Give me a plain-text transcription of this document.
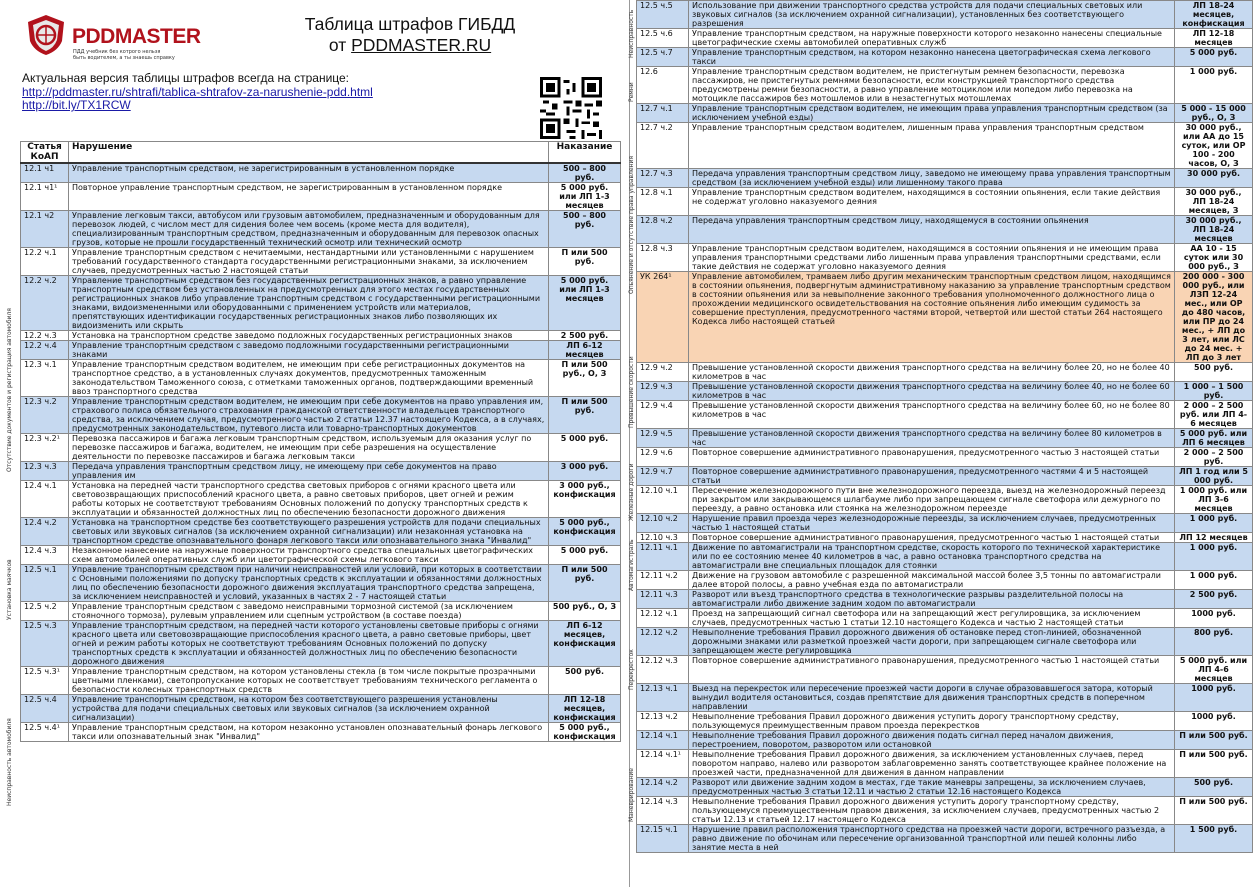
PDDMASTER
ПДД учебник без котрого нельзя
быть водителем, а ты знаешь справку
Таблица штрафов ГИБДД
от PDDMASTER.RU
Актуальная версия таблицы штрафов всегда на странице:
http://pddmaster.ru/shtrafi/tablica-shtrafov-za-narushenie-pdd.html
http://bit.ly/TX1RCW
Статья КоАП	Нарушение	Наказание
12.1 ч1	Управление транспортным средством, не зарегистрированным в установленном порядке	500 – 800 руб.
12.1 ч1¹	Повторное управление транспортным средством, не зарегистрированным в установленном порядке	5 000 руб. или ЛП 1-3 месяцев
12.1 ч2	Управление легковым такси, автобусом или грузовым автомобилем, предназначенным и оборудованным для перевозок людей, с числом мест для сидения более чем восемь (кроме места для водителя), специализированным транспортным средством, предназначенным и оборудованным для перевозок опасных грузов, которые не прошли государственный технический осмотр или технический осмотр	500 – 800 руб.
12.2 ч.1	Управление транспортным средством с нечитаемыми, нестандартными или установленными с нарушением требований государственного стандарта государственными регистрационными знаками, за исключением случаев, предусмотренных частью 2 настоящей статьи	П или 500 руб.
12.2 ч.2	Управление транспортным средством без государственных регистрационных знаков, а равно управление транспортным средством без установленных на предусмотренных для этого местах государственных регистрационных знаков либо управление транспортным средством с государственными регистрационными знаками, видоизмененными или оборудованными с применением устройств или материалов, препятствующих идентификации государственных регистрационных знаков либо позволяющих их видоизменить или скрыть	5 000 руб. или ЛП 1-3 месяцев
12.2 ч.3	Установка на транспортном средстве заведомо подложных государственных регистрационных знаков	2 500 руб.
12.2 ч.4	Управление транспортным средством с заведомо подложными государственными регистрационными знаками	ЛП 6-12 месяцев
12.3 ч.1	Управление транспортным средством водителем, не имеющим при себе регистрационных документов на транспортное средство, а в установленных случаях документов, предусмотренных таможенным законодательством Таможенного союза, с отметками таможенных органов, подтверждающими временный ввоз транспортного средства	П или 500 руб., О, З
12.3 ч.2	Управление транспортным средством водителем, не имеющим при себе документов на право управления им, страхового полиса обязательного страхования гражданской ответственности владельцев транспортного средства, за исключением случая, предусмотренного частью 2 статьи 12.37 настоящего Кодекса, а в случаях, предусмотренных законодательством, путевого листа или товарно-транспортных документов	П или 500 руб.
12.3 ч.2¹	Перевозка пассажиров и багажа легковым транспортным средством, используемым для оказания услуг по перевозке пассажиров и багажа, водителем, не имеющим при себе разрешения на осуществление деятельности по перевозке пассажиров и багажа легковым такси	5 000 руб.
12.3 ч.3	Передача управления транспортным средством лицу, не имеющему при себе документов на право управления им	3 000 руб.
12.4 ч.1	Установка на передней части транспортного средства световых приборов с огнями красного цвета или световозвращающих приспособлений красного цвета, а равно световых приборов, цвет огней и режим работы которых не соответствуют требованиям Основных положений по допуску транспортных средств к эксплуатации и обязанностей должностных лиц по обеспечению безопасности дорожного движения	3 000 руб., конфискация
12.4 ч.2	Установка на транспортном средстве без соответствующего разрешения устройств для подачи специальных световых или звуковых сигналов (за исключением охранной сигнализации) или незаконная установка на транспортном средстве опознавательного фонаря легкового такси или опознавательного знака "Инвалид"	5 000 руб., конфискация
12.4 ч.3	Незаконное нанесение на наружные поверхности транспортного средства специальных цветографических схем автомобилей оперативных служб или цветографической схемы легкового такси	5 000 руб.
12.5 ч.1	Управление транспортным средством при наличии неисправностей или условий, при которых в соответствии с Основными положениями по допуску транспортных средств к эксплуатации и обязанностями должностных лиц по обеспечению безопасности дорожного движения эксплуатация транспортного средства запрещена, за исключением неисправностей и условий, указанных в частях 2 - 7 настоящей статьи	П или 500 руб.
12.5 ч.2	Управление транспортным средством с заведомо неисправными тормозной системой (за исключением стояночного тормоза), рулевым управлением или сцепным устройством (в составе поезда)	500 руб., О, З
12.5 ч.3	Управление транспортным средством, на передней части которого установлены световые приборы с огнями красного цвета или световозвращающие приспособления красного цвета, а равно световые приборы, цвет огней и режим работы которых не соответствуют требованиям Основных положений по допуску транспортных средств к эксплуатации и обязанностей должностных лиц по обеспечению безопасности дорожного движения	ЛП 6-12 месяцев, конфискация
12.5 ч.3¹	Управление транспортным средством, на котором установлены стекла (в том числе покрытые прозрачными цветными пленками), светопропускание которых не соответствует требованиям технического регламента о безопасности колесных транспортных средств	500 руб.
12.5 ч.4	Управление транспортным средством, на котором без соответствующего разрешения установлены устройства для подачи специальных световых или звуковых сигналов (за исключением охранной сигнализации)	ЛП 12-18 месяцев, конфискация
12.5 ч.4¹	Управление транспортным средством, на котором незаконно установлен опознавательный фонарь легкового такси или опознавательный знак "Инвалид"	5 000 руб., конфискация
Отсутствие документов и регистрация автомобиля
Установка маячков
Неисправность автомобиля
12.5 ч.5	Использование при движении транспортного средства устройств для подачи специальных световых или звуковых сигналов (за исключением охранной сигнализации), установленных без соответствующего разрешения	ЛП 18-24 месяцев, конфискация
12.5 ч.6	Управление транспортным средством, на наружные поверхности которого незаконно нанесены специальные цветографические схемы автомобилей оперативных служб	ЛП 12-18 месяцев
12.5 ч.7	Управление транспортным средством, на котором незаконно нанесена цветографическая схема легкового такси	5 000 руб.
12.6	Управление транспортным средством водителем, не пристегнутым ремнем безопасности, перевозка пассажиров, не пристегнутых ремнями безопасности, если конструкцией транспортного средства предусмотрены ремни безопасности, а равно управление мотоциклом или мопедом либо перевозка на мотоцикле пассажиров без мотошлемов или в незастегнутых мотошлемах	1 000 руб.
12.7 ч.1	Управление транспортным средством водителем, не имеющим права управления транспортным средством (за исключением учебной езды)	5 000 - 15 000 руб., О, З
12.7 ч.2	Управление транспортным средством водителем, лишенным права управления транспортным средством	30 000 руб., или АА до 15 суток, или ОР 100 - 200 часов, О, З
12.7 ч.3	Передача управления транспортным средством лицу, заведомо не имеющему права управления транспортным средством (за исключением учебной езды) или лишенному такого права	30 000 руб.
12.8 ч.1	Управление транспортным средством водителем, находящимся в состоянии опьянения, если такие действия не содержат уголовно наказуемого деяния	30 000 руб., ЛП 18-24 месяцев, З
12.8 ч.2	Передача управления транспортным средством лицу, находящемуся в состоянии опьянения	30 000 руб., ЛП 18-24 месяцев
12.8 ч.3	Управление транспортным средством водителем, находящимся в состоянии опьянения и не имеющим права управления транспортными средствами либо лишенным права управления транспортными средствами, если такие действия не содержат уголовно наказуемого деяния	АА 10 - 15 суток или 30 000 руб., З
УК 264¹	Управление автомобилем, трамваем либо другим механическим транспортным средством лицом, находящимся в состоянии опьянения, подвергнутым административному наказанию за управление транспортным средством в состоянии опьянения или за невыполнение законного требования уполномоченного должностного лица о прохождении медицинского освидетельствования на состояние опьянения либо имеющим судимость за совершение преступления, предусмотренного частями второй, четвертой или шестой статьи 264 настоящего Кодекса либо настоящей статьей	200 000 - 300 000 руб., или ЛЗП 12-24 мес., или ОР до 480 часов, или ПР до 24 мес., + ЛП до 3 лет, или ЛС до 24 мес. + ЛП до 3 лет
12.9 ч.2	Превышение установленной скорости движения транспортного средства на величину более 20, но не более 40 километров в час	500 руб.
12.9 ч.3	Превышение установленной скорости движения транспортного средства на величину более 40, но не более 60 километров в час	1 000 – 1 500 руб.
12.9 ч.4	Превышение установленной скорости движения транспортного средства на величину более 60, но не более 80 километров в час	2 000 – 2 500 руб. или ЛП 4-6 месяцев
12.9 ч.5	Превышение установленной скорости движения транспортного средства на величину более 80 километров в час	5 000 руб. или ЛП 6 месяцев
12.9 ч.6	Повторное совершение административного правонарушения, предусмотренного частью 3 настоящей статьи	2 000 – 2 500 руб.
12.9 ч.7	Повторное совершение административного правонарушения, предусмотренного частями 4 и 5 настоящей статьи	ЛП 1 год или 5 000 руб.
12.10 ч.1	Пересечение железнодорожного пути вне железнодорожного переезда, выезд на железнодорожный переезд при закрытом или закрывающемся шлагбауме либо при запрещающем сигнале светофора или дежурного по переезду, а равно остановка или стоянка на железнодорожном переезде	1 000 руб. или ЛП 3-6 месяцев
12.10 ч.2	Нарушение правил проезда через железнодорожные переезды, за исключением случаев, предусмотренных частью 1 настоящей статьи	1 000 руб.
12.10 ч.3	Повторное совершение административного правонарушения, предусмотренного частью 1 настоящей статьи	ЛП 12 месяцев
12.11 ч.1	Движение по автомагистрали на транспортном средстве, скорость которого по технической характеристике или по ее состоянию менее 40 километров в час, а равно остановка транспортного средства на автомагистрали вне специальных площадок для стоянки	1 000 руб.
12.11 ч.2	Движение на грузовом автомобиле с разрешенной максимальной массой более 3,5 тонны по автомагистрали далее второй полосы, а равно учебная езда по автомагистрали	1 000 руб.
12.11 ч.3	Разворот или въезд транспортного средства в технологические разрывы разделительной полосы на автомагистрали либо движение задним ходом по автомагистрали	2 500 руб.
12.12 ч.1	Проезд на запрещающий сигнал светофора или на запрещающий жест регулировщика, за исключением случаев, предусмотренных частью 1 статьи 12.10 настоящего Кодекса и частью 2 настоящей статьи	1000 руб.
12.12 ч.2	Невыполнение требования Правил дорожного движения об остановке перед стоп-линией, обозначенной дорожными знаками или разметкой проезжей части дороги, при запрещающем сигнале светофора или запрещающем жесте регулировщика	800 руб.
12.12 ч.3	Повторное совершение административного правонарушения, предусмотренного частью 1 настоящей статьи	5 000 руб. или ЛП 4-6 месяцев
12.13 ч.1	Выезд на перекресток или пересечение проезжей части дороги в случае образовавшегося затора, который вынудил водителя остановиться, создав препятствие для движения транспортных средств в поперечном направлении	1000 руб.
12.13 ч.2	Невыполнение требования Правил дорожного движения уступить дорогу транспортному средству, пользующемуся преимущественным правом проезда перекрестков	1000 руб.
12.14 ч.1	Невыполнение требования Правил дорожного движения подать сигнал перед началом движения, перестроением, поворотом, разворотом или остановкой	П или 500 руб.
12.14 ч.1¹	Невыполнение требования Правил дорожного движения, за исключением установленных случаев, перед поворотом направо, налево или разворотом заблаговременно занять соответствующее крайнее положение на проезжей части, предназначенной для движения в данном направлении	П или 500 руб.
12.14 ч.2	Разворот или движение задним ходом в местах, где такие маневры запрещены, за исключением случаев, предусмотренных частью 3 статьи 12.11 и частью 2 статьи 12.16 настоящего Кодекса	500 руб.
12.14 ч.3	Невыполнение требования Правил дорожного движения уступить дорогу транспортному средству, пользующемуся преимущественным правом движения, за исключением случаев, предусмотренных частью 2 статьи 12.13 и статьей 12.17 настоящего Кодекса	П или 500 руб.
12.15 ч.1	Нарушение правил расположения транспортного средства на проезжей части дороги, встречного разъезда, а равно движение по обочинам или пересечение организованной транспортной или пешей колонны либо занятие места в ней	1 500 руб.
Неисправность
Ремни
Опьянение и отсутствие права управления
Превышение скорости
Железные дороги
Автомагистраль
Перекресток
Маневрирование
